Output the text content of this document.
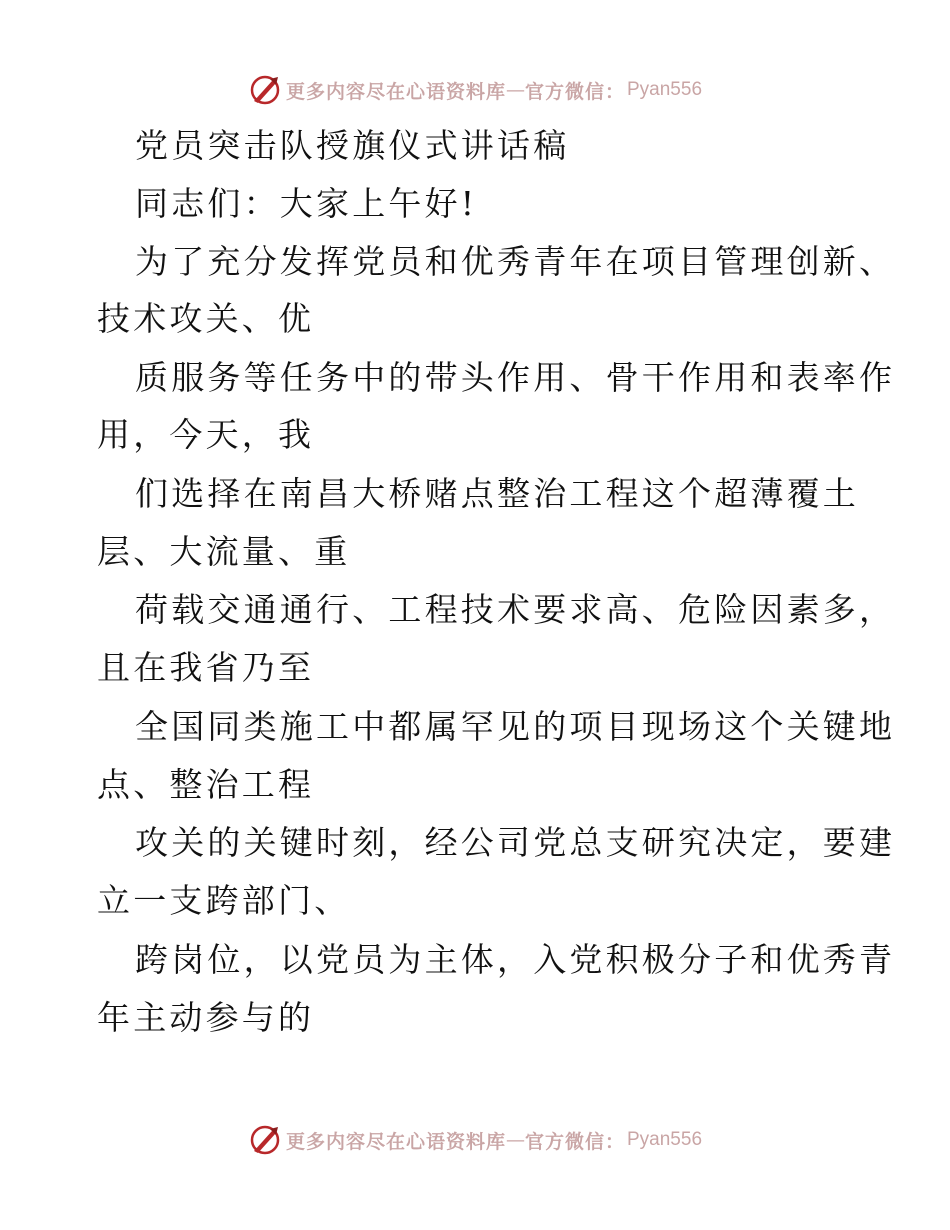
更多内容尽在心语资料库 — 官方微信： Pyan556
党员突击队授旗仪式讲话稿
同志们：大家上午好!
为了充分发挥党员和优秀青年在项目管理创新、
技术攻关、优
质服务等任务中的带头作用、骨干作用和表率作
用，今天，我
们选择在南昌大桥赌点整治工程这个超薄覆土
层、大流量、重
荷载交通通行、工程技术要求高、危险因素多，
且在我省乃至
全国同类施工中都属罕见的项目现场这个关键地
点、整治工程
攻关的关键时刻，经公司党总支研究决定，要建
立一支跨部门、
跨岗位，以党员为主体，入党积极分子和优秀青
年主动参与的
更多内容尽在心语资料库 — 官方微信： Pyan556
